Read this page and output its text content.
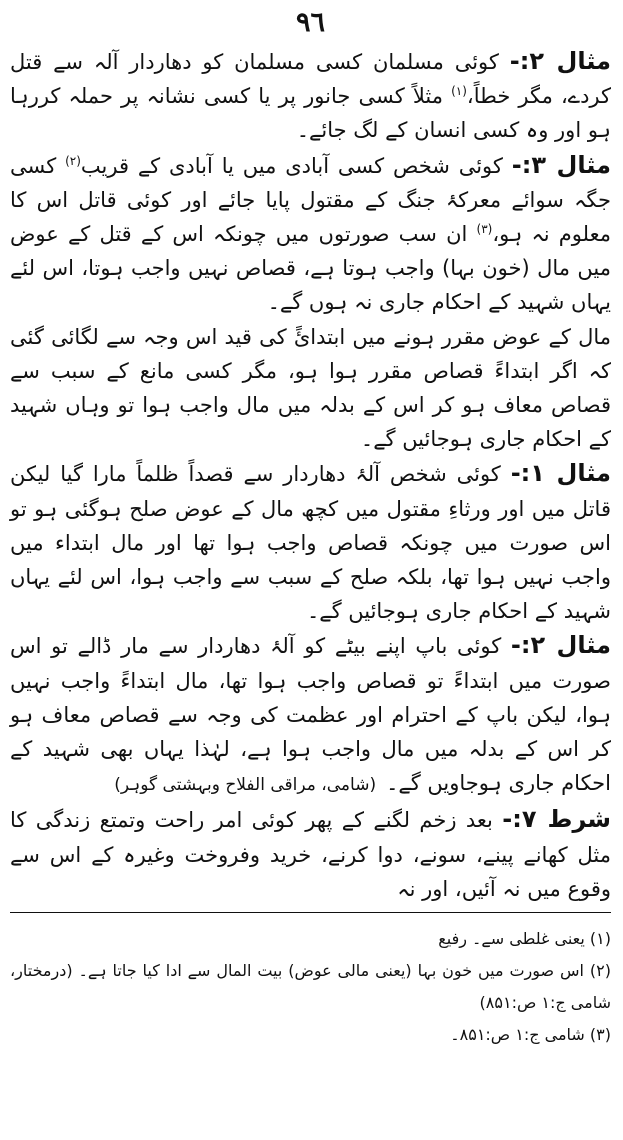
٩٦

مثال ۲:- کوئی مسلمان کسی مسلمان کو دھاردار آلہ سے قتل کردے، مگر خطاً،$^{(۱)}$ مثلاً کسی جانور پر یا کسی نشانہ پر حملہ کررہا ہو اور وہ کسی انسان کے لگ جائے۔

مثال ۳:- کوئی شخص کسی آبادی میں یا آبادی کے قریب$^{(۲)}$ کسی جگہ سوائے معرکۂ جنگ کے مقتول پایا جائے اور کوئی قاتل اس کا معلوم نہ ہو،$^{(۳)}$ ان سب صورتوں میں چونکہ اس کے قتل کے عوض میں مال (خون بہا) واجب ہوتا ہے، قصاص نہیں واجب ہوتا، اس لئے یہاں شہید کے احکام جاری نہ ہوں گے۔

مال کے عوض مقرر ہونے میں ابتدائً کی قید اس وجہ سے لگائی گئی کہ اگر ابتداءً قصاص مقرر ہوا ہو، مگر کسی مانع کے سبب سے قصاص معاف ہو کر اس کے بدلہ میں مال واجب ہوا تو وہاں شہید کے احکام جاری ہوجائیں گے۔

مثال ۱:- کوئی شخص آلۂ دھاردار سے قصداً ظلماً مارا گیا لیکن قاتل میں اور ورثاءِ مقتول میں کچھ مال کے عوض صلح ہوگئی ہو تو اس صورت میں چونکہ قصاص واجب ہوا تھا اور مال ابتداء میں واجب نہیں ہوا تھا، بلکہ صلح کے سبب سے واجب ہوا، اس لئے یہاں شہید کے احکام جاری ہوجائیں گے۔

مثال ۲:- کوئی باپ اپنے بیٹے کو آلۂ دھاردار سے مار ڈالے تو اس صورت میں ابتداءً تو قصاص واجب ہوا تھا، مال ابتداءً واجب نہیں ہوا، لیکن باپ کے احترام اور عظمت کی وجہ سے قصاص معاف ہو کر اس کے بدلہ میں مال واجب ہوا ہے، لہٰذا یہاں بھی شہید کے احکام جاری ہوجاویں گے۔(شامی، مراقی الفلاح وبہشتی گوہر)

شرط ۷:- بعد زخم لگنے کے پھر کوئی امر راحت وتمتع زندگی کا مثل کھانے پینے، سونے، دوا کرنے، خرید وفروخت وغیرہ کے اس سے وقوع میں نہ آئیں، اور نہ

(۱) یعنی غلطی سے۔ رفیع

(۲) اس صورت میں خون بہا (یعنی مالی عوض) بیت المال سے ادا کیا جاتا ہے۔ (درمختار، شامی ج:۱ ص:۸۵۱)

(۳) شامی ج:۱ ص:۸۵۱۔
